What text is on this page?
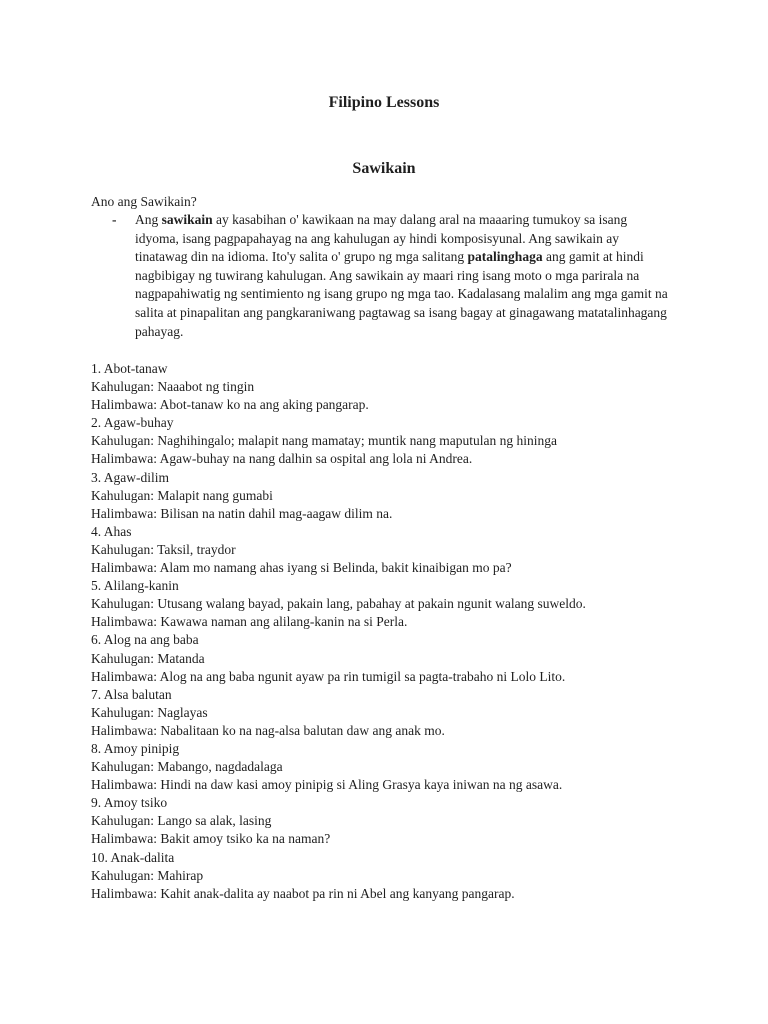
Filipino Lessons
Sawikain
Ano ang Sawikain?
- Ang sawikain ay kasabihan o' kawikaan na may dalang aral na maaaring tumukoy sa isang idyoma, isang pagpapahayag na ang kahulugan ay hindi komposisyunal. Ang sawikain ay tinatawag din na idioma. Ito'y salita o' grupo ng mga salitang patalinghaga ang gamit at hindi nagbibigay ng tuwirang kahulugan. Ang sawikain ay maari ring isang moto o mga parirala na nagpapahiwatig ng sentimiento ng isang grupo ng mga tao. Kadalasang malalim ang mga gamit na salita at pinapalitan ang pangkaraniwang pagtawag sa isang bagay at ginagawang matatalinhagang pahayag.
1. Abot-tanaw
Kahulugan: Naaabot ng tingin
Halimbawa: Abot-tanaw ko na ang aking pangarap.
2. Agaw-buhay
Kahulugan: Naghihingalo; malapit nang mamatay; muntik nang maputulan ng hininga
Halimbawa: Agaw-buhay na nang dalhin sa ospital ang lola ni Andrea.
3. Agaw-dilim
Kahulugan: Malapit nang gumabi
Halimbawa: Bilisan na natin dahil mag-aagaw dilim na.
4. Ahas
Kahulugan: Taksil, traydor
Halimbawa: Alam mo namang ahas iyang si Belinda, bakit kinaibigan mo pa?
5. Alilang-kanin
Kahulugan: Utusang walang bayad, pakain lang, pabahay at pakain ngunit walang suweldo.
Halimbawa: Kawawa naman ang alilang-kanin na si Perla.
6. Alog na ang baba
Kahulugan: Matanda
Halimbawa: Alog na ang baba ngunit ayaw pa rin tumigil sa pagta-trabaho ni Lolo Lito.
7. Alsa balutan
Kahulugan: Naglayas
Halimbawa: Nabalitaan ko na nag-alsa balutan daw ang anak mo.
8. Amoy pinipig
Kahulugan: Mabango, nagdadalaga
Halimbawa: Hindi na daw kasi amoy pinipig si Aling Grasya kaya iniwan na ng asawa.
9. Amoy tsiko
Kahulugan: Lango sa alak, lasing
Halimbawa: Bakit amoy tsiko ka na naman?
10. Anak-dalita
Kahulugan: Mahirap
Halimbawa: Kahit anak-dalita ay naabot pa rin ni Abel ang kanyang pangarap.
